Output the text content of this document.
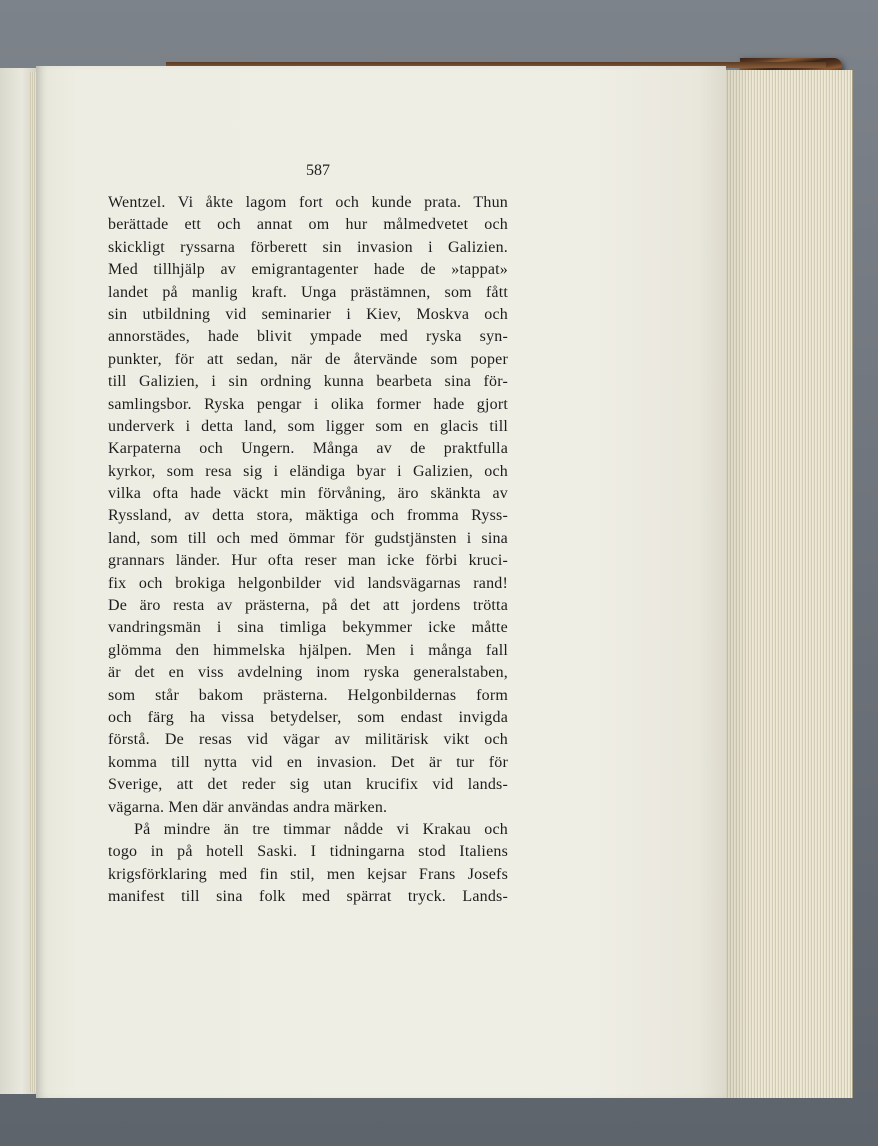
587
Wentzel. Vi åkte lagom fort och kunde prata. Thun
berättade ett och annat om hur målmedvetet och
skickligt ryssarna förberett sin invasion i Galizien.
Med tillhjälp av emigrantagenter hade de »tappat»
landet på manlig kraft. Unga prästämnen, som fått
sin utbildning vid seminarier i Kiev, Moskva och
annorstädes, hade blivit ympade med ryska syn-
punkter, för att sedan, när de återvände som poper
till Galizien, i sin ordning kunna bearbeta sina för-
samlingsbor. Ryska pengar i olika former hade gjort
underverk i detta land, som ligger som en glacis till
Karpaterna och Ungern. Många av de praktfulla
kyrkor, som resa sig i eländiga byar i Galizien, och
vilka ofta hade väckt min förvåning, äro skänkta av
Ryssland, av detta stora, mäktiga och fromma Ryss-
land, som till och med ömmar för gudstjänsten i sina
grannars länder. Hur ofta reser man icke förbi kruci-
fix och brokiga helgonbilder vid landsvägarnas rand!
De äro resta av prästerna, på det att jordens trötta
vandringsmän i sina timliga bekymmer icke måtte
glömma den himmelska hjälpen. Men i många fall
är det en viss avdelning inom ryska generalstaben,
som står bakom prästerna. Helgonbildernas form
och färg ha vissa betydelser, som endast invigda
förstå. De resas vid vägar av militärisk vikt och
komma till nytta vid en invasion. Det är tur för
Sverige, att det reder sig utan krucifix vid lands-
vägarna. Men där användas andra märken.
På mindre än tre timmar nådde vi Krakau och
togo in på hotell Saski. I tidningarna stod Italiens
krigsförklaring med fin stil, men kejsar Frans Josefs
manifest till sina folk med spärrat tryck. Lands-
